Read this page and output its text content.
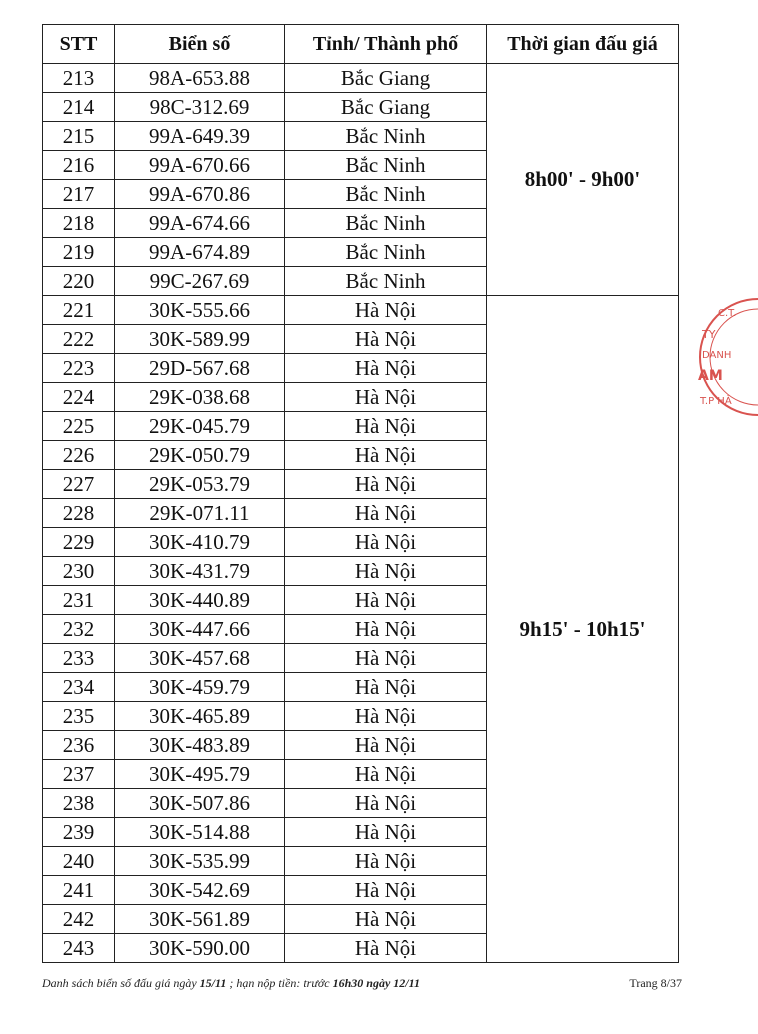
STT	Biển số	Tỉnh/ Thành phố	Thời gian đấu giá
213	98A-653.88	Bắc Giang	8h00' - 9h00'
214	98C-312.69	Bắc Giang	
215	99A-649.39	Bắc Ninh	
216	99A-670.66	Bắc Ninh	
217	99A-670.86	Bắc Ninh	
218	99A-674.66	Bắc Ninh	
219	99A-674.89	Bắc Ninh	
220	99C-267.69	Bắc Ninh	
221	30K-555.66	Hà Nội	9h15' - 10h15'
222	30K-589.99	Hà Nội	
223	29D-567.68	Hà Nội	
224	29K-038.68	Hà Nội	
225	29K-045.79	Hà Nội	
226	29K-050.79	Hà Nội	
227	29K-053.79	Hà Nội	
228	29K-071.11	Hà Nội	
229	30K-410.79	Hà Nội	
230	30K-431.79	Hà Nội	
231	30K-440.89	Hà Nội	
232	30K-447.66	Hà Nội	
233	30K-457.68	Hà Nội	
234	30K-459.79	Hà Nội	
235	30K-465.89	Hà Nội	
236	30K-483.89	Hà Nội	
237	30K-495.79	Hà Nội	
238	30K-507.86	Hà Nội	
239	30K-514.88	Hà Nội	
240	30K-535.99	Hà Nội	
241	30K-542.69	Hà Nội	
242	30K-561.89	Hà Nội	
243	30K-590.00	Hà Nội	
Danh sách biển số đấu giá ngày 15/11 ; hạn nộp tiền: trước 16h30 ngày 12/11	Trang 8/37
C.T.
TY
DANH
AM
T.P HÀ
